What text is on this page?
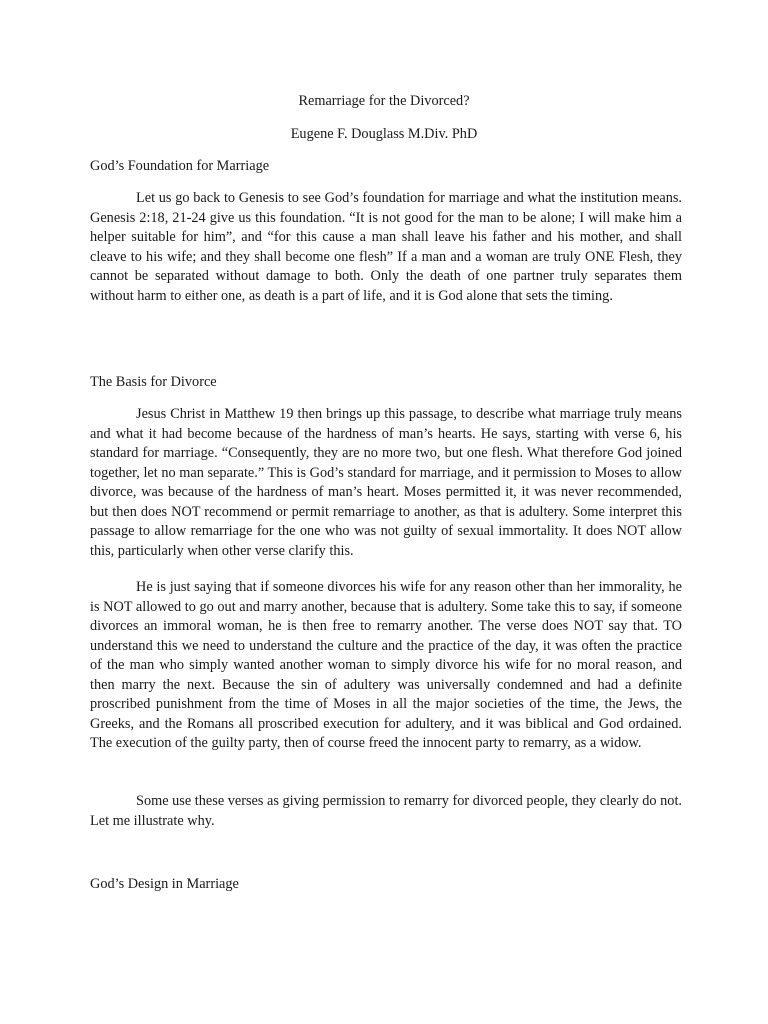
Remarriage for the Divorced?
Eugene F. Douglass M.Div. PhD
God’s Foundation for Marriage

Let us go back to Genesis to see God’s foundation for marriage and what the institution means. Genesis 2:18, 21-24 give us this foundation. “It is not good for the man to be alone; I will make him a helper suitable for him”, and “for this cause a man shall leave his father and his mother, and shall cleave to his wife; and they shall become one flesh” If a man and a woman are truly ONE Flesh, they cannot be separated without damage to both. Only the death of one partner truly separates them without harm to either one, as death is a part of life, and it is God alone that sets the timing.

The Basis for Divorce

Jesus Christ in Matthew 19 then brings up this passage, to describe what marriage truly means and what it had become because of the hardness of man’s hearts. He says, starting with verse 6, his standard for marriage. “Consequently, they are no more two, but one flesh. What therefore God joined together, let no man separate.” This is God’s standard for marriage, and it permission to Moses to allow divorce, was because of the hardness of man’s heart. Moses permitted it, it was never recommended, but then does NOT recommend or permit remarriage to another, as that is adultery. Some interpret this passage to allow remarriage for the one who was not guilty of sexual immortality. It does NOT allow this, particularly when other verse clarify this.

He is just saying that if someone divorces his wife for any reason other than her immorality, he is NOT allowed to go out and marry another, because that is adultery. Some take this to say, if someone divorces an immoral woman, he is then free to remarry another. The verse does NOT say that. TO understand this we need to understand the culture and the practice of the day, it was often the practice of the man who simply wanted another woman to simply divorce his wife for no moral reason, and then marry the next. Because the sin of adultery was universally condemned and had a definite proscribed punishment from the time of Moses in all the major societies of the time, the Jews, the Greeks, and the Romans all proscribed execution for adultery, and it was biblical and God ordained. The execution of the guilty party, then of course freed the innocent party to remarry, as a widow.

Some use these verses as giving permission to remarry for divorced people, they clearly do not. Let me illustrate why.

God’s Design in Marriage
